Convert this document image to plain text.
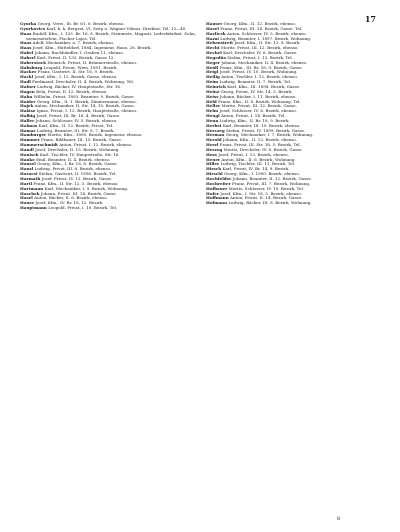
17

Gyurka Georg, Verw., Ib. Br. 61, 6. Bezirk, ebenso.

Gyurkovics Karl, k. k. Bergrat, VI. Szép u. Wagner Vilmos, Direktor, Tel. 12—40.

Haas Rudolf, Kfm., I. 133. Br. 16, 8. Bezirk, Steinmetz, Magasti, Lederfabrikat, Sohn, szemeszterlein, Fischer Lajos, Tel.

Haas Adolf, Mechaniker, a. 7. Bezirk, ebenso.

Haas Josef, Kfm., Hütteldorf, 1884. Ingenieur, Haus, 28. Bezirk.

Habel Johann, Buchhändler, I. Graben 11, ebenso.

Haberl Karl, Privat, II. 133. Bezirk, Gasse 12.

Haberstock Heinrich, Privat, II. Brünnerstraße, ebenso.

Habsburg Leopold, Privat, Wien, 1891. Bezirk.

Hacker Franz, Gastwirt, II. Str. 18, 9. Bezirk.

Hackl Josef, Kfm., I. 12. Bezirk, Gasse, ebenso.

Hadl Ferdinand, Drechsler, II. 4. Bezirk, Wohnung, Tel.

Hafner Ludwig, Bäcker, IV. Hauptstraße, Str. 16.

Hagen Bela, Privat, II. 12. Bezirk, ebenso.

Hahn Wilhelm, Privat, 1893. Beamter, 9. Bezirk, Gasse.

Haider Georg, Kfm., II. 1. Bezirk, Zimmermann, ebenso.

Hajek Anton, Mechaniker, II. Str. 14, 10. Bezirk, Gasse.

Halász Ignaz, Privat, I. 12. Bezirk, Hauptstraße, ebenso.

Halbig Josef, Privat, III. Br. 16, 4. Bezirk, Gasse.

Haller Johann, Schlosser, IV. 5. Bezirk, ebenso.

Halmos Karl, Kfm., II. 12. Bezirk, Privat, Tel.

Hamar Ludwig, Beamter, III. Str. 8, 7. Bezirk.

Hamburger Moritz, Kfm., 1895. Bezirk, Ingenieur, ebenso.

Hammer Franz, Bildhauer, III. 15. Bezirk, Gasse.

Hammerschmidt Anton, Privat, I. 12. Bezirk, ebenso.

Handl Josef, Drechsler, II. 13. Bezirk, Wohnung.

Hanisch Karl, Tischler, IV. Hauptstraße, Str. 16.

Hanke Emil, Beamter, II. 4. Bezirk, ebenso.

Hansel Georg, Kfm., I. Br. 18, 6. Bezirk, Gasse.

Hanzl Ludwig, Privat, III. 8. Bezirk, ebenso.

Haracsi Stefan, Gastwirt, II. 1896. Bezirk, Tel.

Harmath Josef, Privat, IV. 12. Bezirk, Gasse.

Hartl Franz, Kfm., II. Str. 12, 5. Bezirk, ebenso.

Hartmann Karl, Mechaniker, I. 9. Bezirk, Wohnung.

Haschek Johann, Privat, III. 14. Bezirk, Gasse.

Hasel Anton, Bäcker, II. 6. Bezirk, ebenso.

Hauer Josef, Kfm., IV. Br. 18, 12. Bezirk.

Hauptmann Leopold, Privat, I. 10. Bezirk, Tel.

Hauser Georg, Kfm., II. 12. Bezirk, ebenso.

Havel Franz, Privat, III. 14. Bezirk, Gasse, Tel.

Havlicek Anton, Schlosser, IV. 5. Bezirk, ebenso.

Hazai Ludwig, Beamter, I. 1897. Bezirk, Wohnung.

Hebenstreit Josef, Kfm., II. Str. 12, 8. Bezirk.

Hecht Moritz, Privat, III. 12. Bezirk, ebenso.

Heckel Karl, Drechsler, IV. 6. Bezirk, Gasse.

Hegedüs Stefan, Privat, I. 13. Bezirk, Tel.

Heger Johann, Mechaniker, II. 4. Bezirk, ebenso.

Heidl Franz, Kfm., III. Br. 16, 9. Bezirk, Gasse.

Heigl Josef, Privat, IV. 10. Bezirk, Wohnung.

Heilig Anton, Tischler, I. 12. Bezirk, ebenso.

Heim Ludwig, Beamter, II. 7. Bezirk, Tel.

Heinrich Karl, Kfm., III. 1898. Bezirk, Gasse.

Heinz Georg, Privat, IV. Str. 14, 5. Bezirk.

Heiss Johann, Bäcker, I. 11. Bezirk, ebenso.

Held Franz, Kfm., II. 8. Bezirk, Wohnung, Tel.

Heller Moritz, Privat, III. 12. Bezirk, Gasse.

Helm Josef, Schlosser, IV. 6. Bezirk, ebenso.

Hengl Anton, Privat, I. 14. Bezirk, Tel.

Henn Ludwig, Kfm., II. Br. 18, 9. Bezirk.

Herbst Karl, Beamter, III. 10. Bezirk, ebenso.

Herczeg Stefan, Privat, IV. 1899. Bezirk, Gasse.

Herman Georg, Mechaniker, I. 7. Bezirk, Wohnung.

Herold Johann, Kfm., II. 12. Bezirk, ebenso.

Herzl Franz, Privat, III. Str. 16, 5. Bezirk, Tel.

Herzog Moritz, Drechsler, IV. 8. Bezirk, Gasse.

Hess Josef, Privat, I. 13. Bezirk, ebenso.

Heuer Anton, Kfm., II. 6. Bezirk, Wohnung.

Hiller Ludwig, Tischler, III. 11. Bezirk, Tel.

Hirsch Karl, Privat, IV. Br. 14, 9. Bezirk.

Hirschl Georg, Kfm., I. 1900. Bezirk, ebenso.

Hochfelder Johann, Beamter, II. 12. Bezirk, Gasse.

Hochreiter Franz, Privat, III. 7. Bezirk, Wohnung.

Hofbauer Moritz, Schlosser, IV. 10. Bezirk, Tel.

Hofer Josef, Kfm., I. Str. 18, 5. Bezirk, ebenso.

Hoffmann Anton, Privat, II. 14. Bezirk, Gasse.

Hofmann Ludwig, Bäcker, III. 8. Bezirk, Wohnung.

8
